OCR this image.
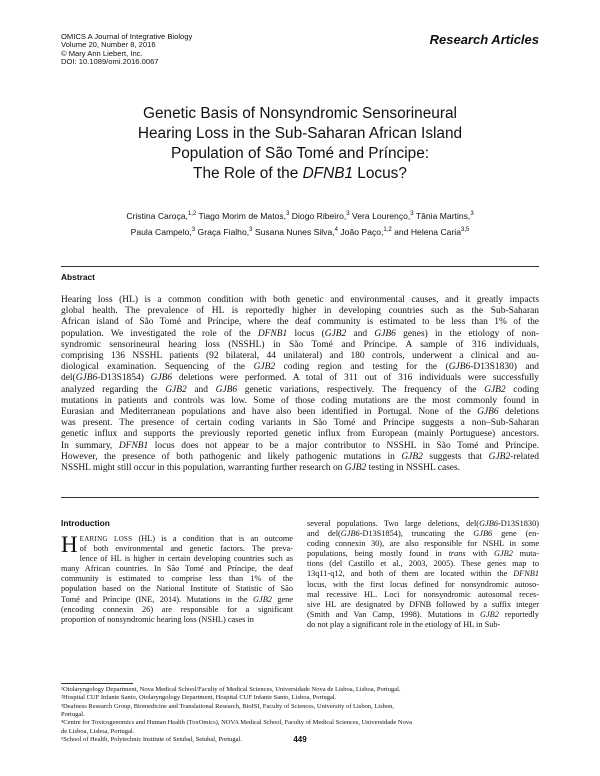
OMICS A Journal of Integrative Biology
Volume 20, Number 8, 2016
© Mary Ann Liebert, Inc.
DOI: 10.1089/omi.2016.0067
Research Articles
Genetic Basis of Nonsyndromic Sensorineural
Hearing Loss in the Sub-Saharan African Island
Population of São Tomé and Príncipe:
The Role of the DFNB1 Locus?
Cristina Caroça,$^{1,2}$ Tiago Morim de Matos,$^3$ Diogo Ribeiro,$^3$ Vera Lourenço,$^3$ Tânia Martins,$^3$
Paula Campelo,$^3$ Graça Fialho,$^3$ Susana Nunes Silva,$^4$ João Paço,$^{1,2}$ and Helena Caria$^{3,5}$
Abstract
Hearing loss (HL) is a common condition with both genetic and environmental causes, and it greatly impacts
global health. The prevalence of HL is reportedly higher in developing countries such as the Sub-Saharan
African island of São Tomé and Príncipe, where the deaf community is estimated to be less than 1% of the
population. We investigated the role of the DFNB1 locus (GJB2 and GJB6 genes) in the etiology of non-
syndromic sensorineural hearing loss (NSSHL) in São Tomé and Príncipe. A sample of 316 individuals,
comprising 136 NSSHL patients (92 bilateral, 44 unilateral) and 180 controls, underwent a clinical and au-
diological examination. Sequencing of the GJB2 coding region and testing for the (GJB6-D13S1830) and
del(GJB6-D13S1854) GJB6 deletions were performed. A total of 311 out of 316 individuals were successfully
analyzed regarding the GJB2 and GJB6 genetic variations, respectively. The frequency of the GJB2 coding
mutations in patients and controls was low. Some of those coding mutations are the most commonly found in
Eurasian and Mediterranean populations and have also been identified in Portugal. None of the GJB6 deletions
was present. The presence of certain coding variants in São Tomé and Príncipe suggests a non–Sub-Saharan
genetic influx and supports the previously reported genetic influx from European (mainly Portuguese) ancestors.
In summary, DFNB1 locus does not appear to be a major contributor to NSSHL in São Tomé and Príncipe.
However, the presence of both pathogenic and likely pathogenic mutations in GJB2 suggests that GJB2-related
NSSHL might still occur in this population, warranting further research on GJB2 testing in NSSHL cases.
Introduction
H EARING LOSS (HL) is a condition that is an outcome
of both environmental and genetic factors. The preva-
lence of HL is higher in certain developing countries such as
many African countries. In São Tomé and Príncipe, the deaf
community is estimated to comprise less than 1% of the
population based on the National Institute of Statistic of São
Tomé and Príncipe (INE, 2014). Mutations in the GJB2 gene
(encoding connexin 26) are responsible for a significant
proportion of nonsyndromic hearing loss (NSHL) cases in
several populations. Two large deletions, del(GJB6-D13S1830)
and del(GJB6-D13S1854), truncating the GJB6 gene (en-
coding connexin 30), are also responsible for NSHL in some
populations, being mostly found in trans with GJB2 muta-
tions (del Castillo et al., 2003, 2005). These genes map to
13q11-q12, and both of them are located within the DFNB1
locus, with the first locus defined for nonsyndromic autoso-
mal recessive HL. Loci for nonsyndromic autosomal reces-
sive HL are designated by DFNB followed by a suffix integer
(Smith and Van Camp, 1998). Mutations in GJB2 reportedly
do not play a significant role in the etiology of HL in Sub-
¹Otolaryngology Department, Nova Medical School/Faculty of Medical Sciences, Universidade Nova de Lisboa, Lisboa, Portugal.
²Hospital CUF Infante Santo, Otolaryngology Department, Hospital CUF Infante Santo, Lisboa, Portugal.
³Deafness Research Group, Biomedicine and Translational Research, BioISI, Faculty of Sciences, University of Lisbon, Lisbon,
Portugal.
⁴Centre for Toxicogenomics and Human Health (ToxOmics), NOVA Medical School, Faculty of Medical Sciences, Universidade Nova
de Lisboa, Lisboa, Portugal.
⁵School of Health, Polytechnic Institute of Setubal, Setubal, Portugal.	449
